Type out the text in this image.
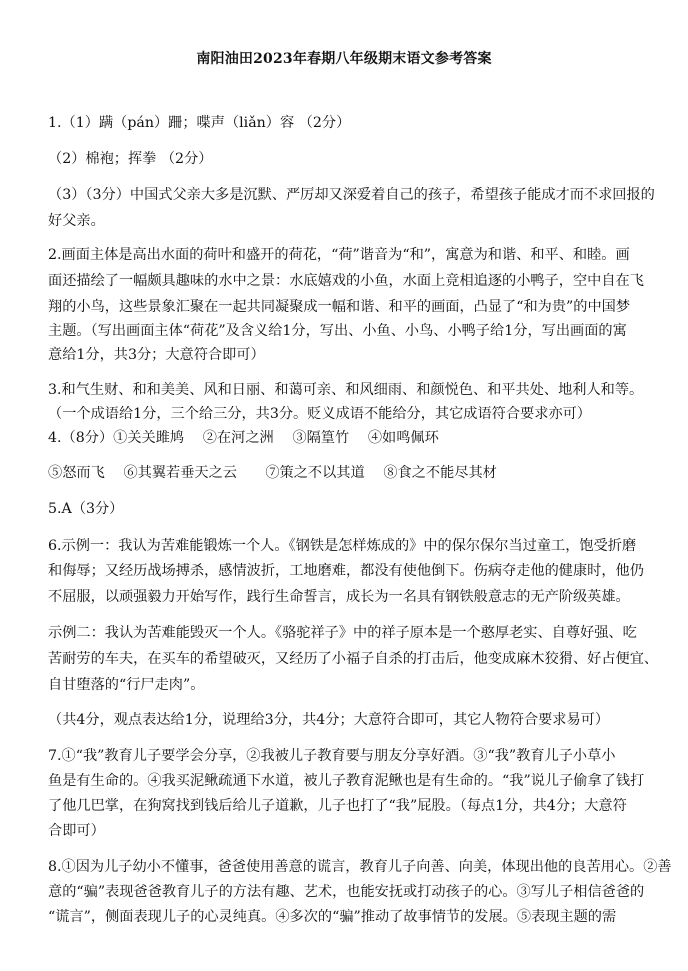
南阳油田2023年春期八年级期末语文参考答案
1.（1）蹒（pán）跚；喋声（liǎn）容 （2分）
（2）棉袍；挥拳 （2分）
（3）（3分）中国式父亲大多是沉默、严厉却又深爱着自己的孩子，希望孩子能成才而不求回报的
好父亲。
2.画面主体是高出水面的荷叶和盛开的荷花，“荷”谐音为“和”，寓意为和谐、和平、和睦。画
面还描绘了一幅颇具趣味的水中之景：水底嬉戏的小鱼，水面上竞相追逐的小鸭子，空中自在飞
翔的小鸟，这些景象汇聚在一起共同凝聚成一幅和谐、和平的画面，凸显了“和为贵”的中国梦
主题。（写出画面主体“荷花”及含义给1分，写出、小鱼、小鸟、小鸭子给1分，写出画面的寓
意给1分，共3分；大意符合即可）
3.和气生财、和和美美、风和日丽、和蔼可亲、和风细雨、和颜悦色、和平共处、地利人和等。
（一个成语给1分，三个给三分，共3分。贬义成语不能给分，其它成语符合要求亦可）
4.（8分）①关关雎鸠　 ②在河之洲　 ③隔篁竹　 ④如鸣佩环
⑤怒而飞　 ⑥其翼若垂天之云　　⑦策之不以其道　 ⑧食之不能尽其材
5.A（3分）
6.示例一：我认为苦难能锻炼一个人。《钢铁是怎样炼成的》中的保尔保尔当过童工，饱受折磨
和侮辱；又经历战场搏杀，感情波折，工地磨难，都没有使他倒下。伤病夺走他的健康时，他仍
不屈服，以顽强毅力开始写作，践行生命誓言，成长为一名具有钢铁般意志的无产阶级英雄。
示例二：我认为苦难能毁灭一个人。《骆驼祥子》中的祥子原本是一个憨厚老实、自尊好强、吃
苦耐劳的车夫，在买车的希望破灭，又经历了小福子自杀的打击后，他变成麻木狡猾、好占便宜、
自甘堕落的“行尸走肉”。
（共4分，观点表达给1分，说理给3分，共4分；大意符合即可，其它人物符合要求易可）
7.①“我”教育儿子要学会分享，②我被儿子教育要与朋友分享好酒。③“我”教育儿子小草小
鱼是有生命的。④我买泥鳅疏通下水道，被儿子教育泥鳅也是有生命的。“我”说儿子偷拿了钱打
了他几巴掌，在狗窝找到钱后给儿子道歉，儿子也打了“我”屁股。（每点1分，共4分；大意符
合即可）
8.①因为儿子幼小不懂事，爸爸使用善意的谎言，教育儿子向善、向美，体现出他的良苦用心。②善
意的“骗”表现爸爸教育儿子的方法有趣、艺术，也能安抚或打动孩子的心。③写儿子相信爸爸的
“谎言”，侧面表现儿子的心灵纯真。④多次的“骗”推动了故事情节的发展。⑤表现主题的需
